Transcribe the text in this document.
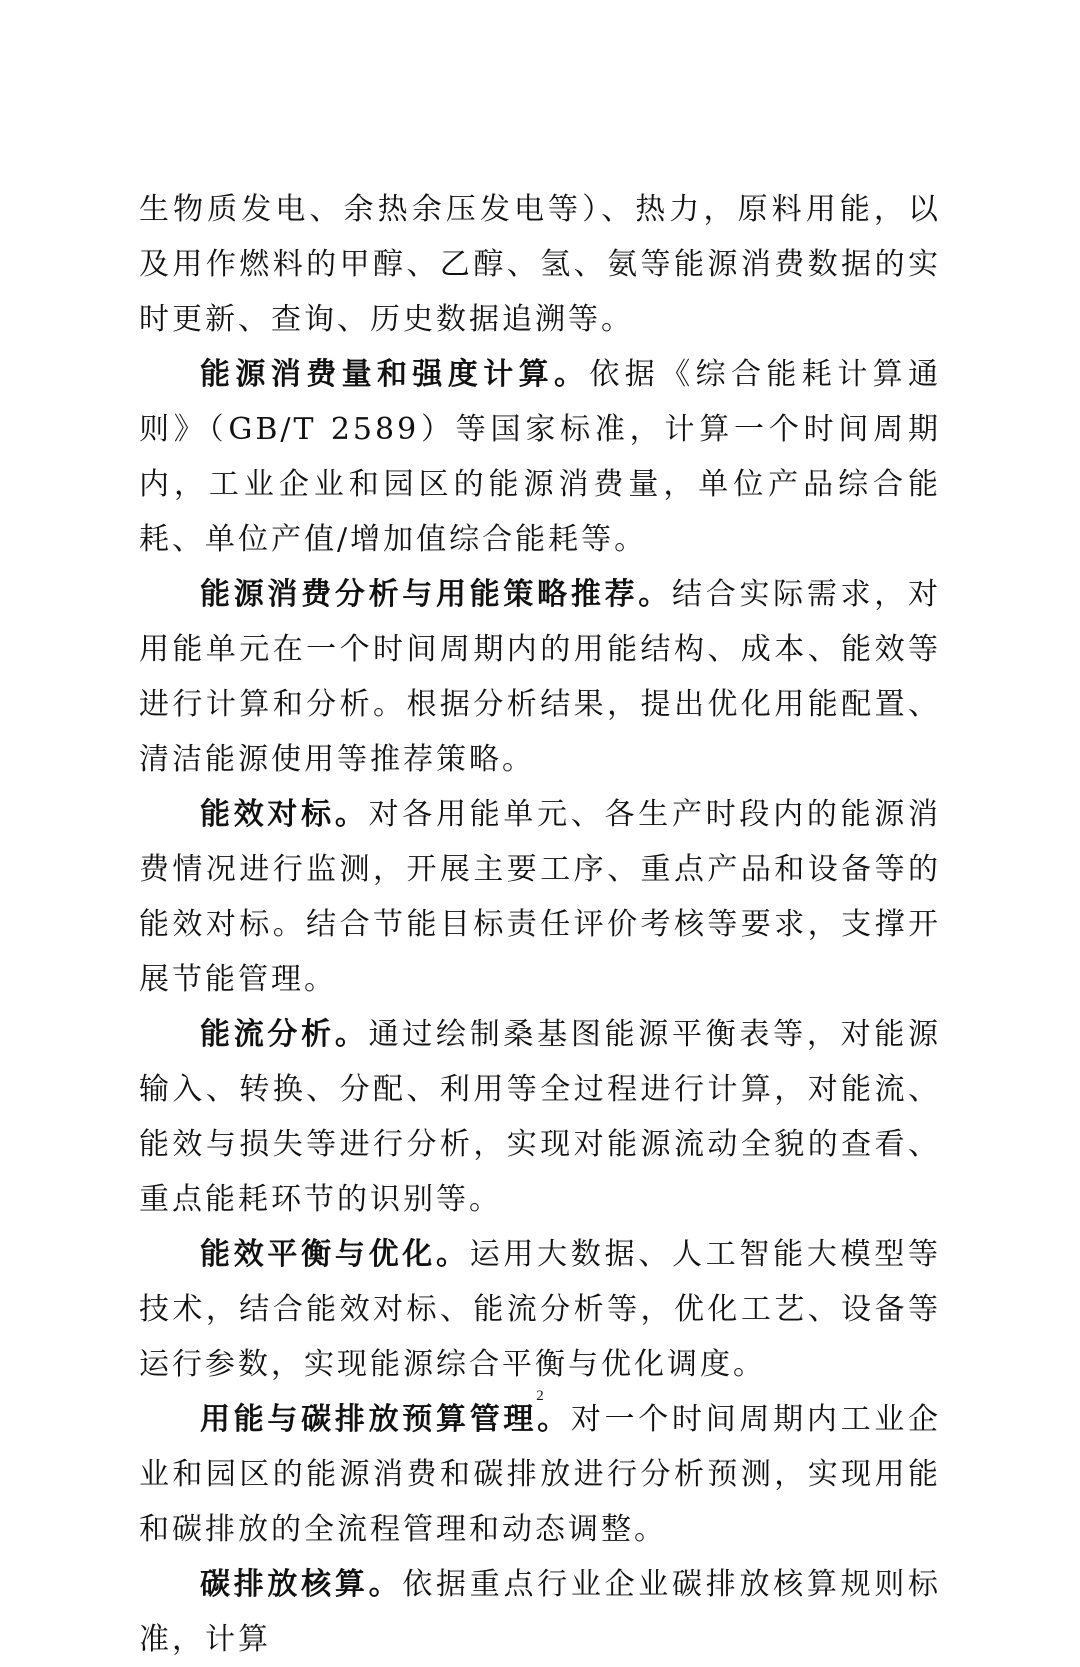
生物质发电、余热余压发电等）、热力，原料用能，以及用作燃料的甲醇、乙醇、氢、氨等能源消费数据的实时更新、查询、历史数据追溯等。

能源消费量和强度计算。依据《综合能耗计算通则》（GB/T 2589）等国家标准，计算一个时间周期内，工业企业和园区的能源消费量，单位产品综合能耗、单位产值/增加值综合能耗等。

能源消费分析与用能策略推荐。结合实际需求，对用能单元在一个时间周期内的用能结构、成本、能效等进行计算和分析。根据分析结果，提出优化用能配置、清洁能源使用等推荐策略。

能效对标。对各用能单元、各生产时段内的能源消费情况进行监测，开展主要工序、重点产品和设备等的能效对标。结合节能目标责任评价考核等要求，支撑开展节能管理。

能流分析。通过绘制桑基图能源平衡表等，对能源输入、转换、分配、利用等全过程进行计算，对能流、能效与损失等进行分析，实现对能源流动全貌的查看、重点能耗环节的识别等。

能效平衡与优化。运用大数据、人工智能大模型等技术，结合能效对标、能流分析等，优化工艺、设备等运行参数，实现能源综合平衡与优化调度。

用能与碳排放预算管理。对一个时间周期内工业企业和园区的能源消费和碳排放进行分析预测，实现用能和碳排放的全流程管理和动态调整。

碳排放核算。依据重点行业企业碳排放核算规则标准，计算

2
